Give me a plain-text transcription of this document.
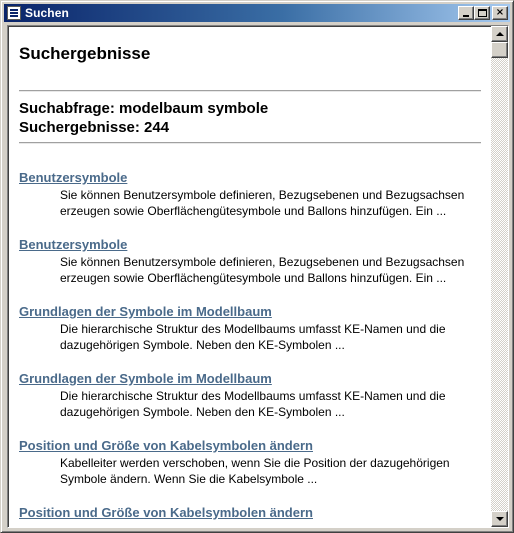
Suchen	×
Suchergebnisse
Suchabfrage: modelbaum symbole
Suchergebnisse: 244
Benutzersymbole
Sie können Benutzersymbole definieren, Bezugsebenen und Bezugsachsen erzeugen sowie Oberflächengütesymbole und Ballons hinzufügen. Ein ...
Benutzersymbole
Sie können Benutzersymbole definieren, Bezugsebenen und Bezugsachsen erzeugen sowie Oberflächengütesymbole und Ballons hinzufügen. Ein ...
Grundlagen der Symbole im Modellbaum
Die hierarchische Struktur des Modellbaums umfasst KE-Namen und die dazugehörigen Symbole. Neben den KE-Symbolen ...
Grundlagen der Symbole im Modellbaum
Die hierarchische Struktur des Modellbaums umfasst KE-Namen und die dazugehörigen Symbole. Neben den KE-Symbolen ...
Position und Größe von Kabelsymbolen ändern
Kabelleiter werden verschoben, wenn Sie die Position der dazugehörigen Symbole ändern. Wenn Sie die Kabelsymbole ...
Position und Größe von Kabelsymbolen ändern
